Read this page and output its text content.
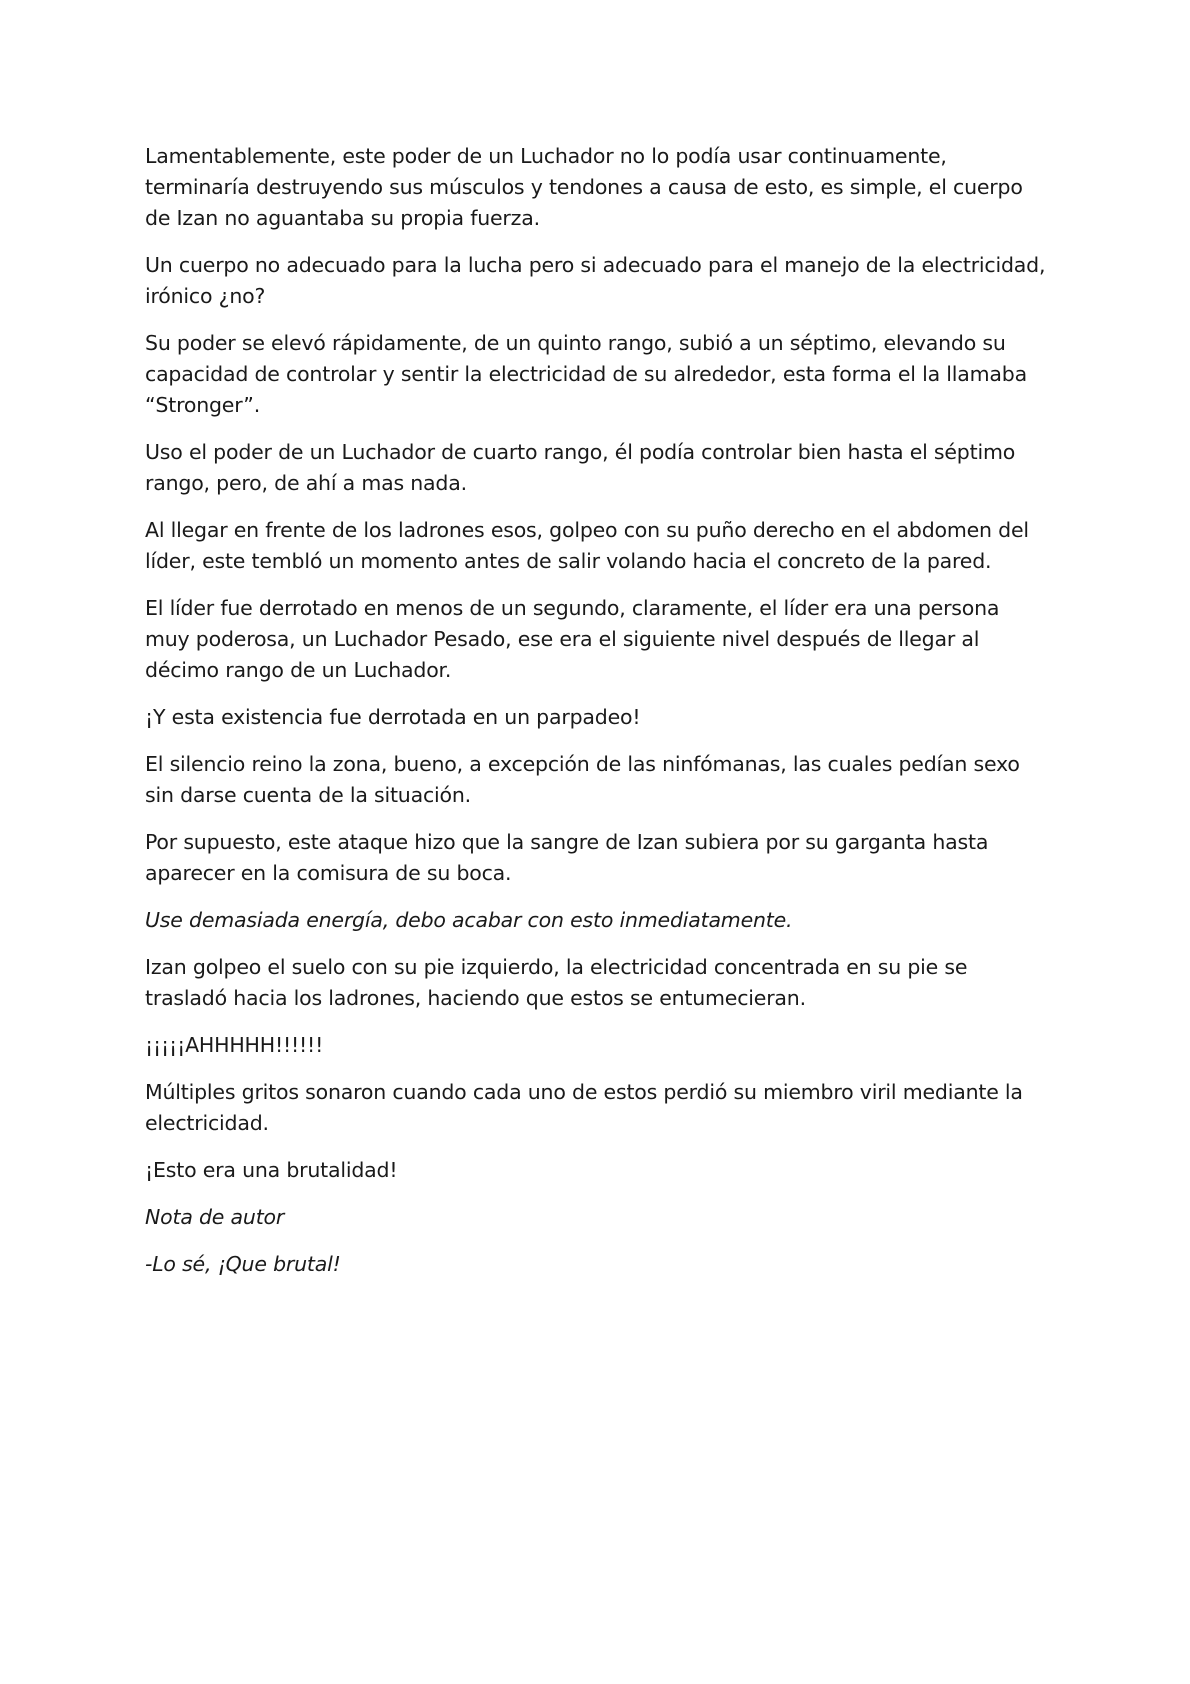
Lamentablemente, este poder de un Luchador no lo podía usar continuamente, terminaría destruyendo sus músculos y tendones a causa de esto, es simple, el cuerpo de Izan no aguantaba su propia fuerza.

Un cuerpo no adecuado para la lucha pero si adecuado para el manejo de la electricidad, irónico ¿no?

Su poder se elevó rápidamente, de un quinto rango, subió a un séptimo, elevando su capacidad de controlar y sentir la electricidad de su alrededor, esta forma el la llamaba “Stronger”.

Uso el poder de un Luchador de cuarto rango, él podía controlar bien hasta el séptimo rango, pero, de ahí a mas nada.

Al llegar en frente de los ladrones esos, golpeo con su puño derecho en el abdomen del líder, este tembló un momento antes de salir volando hacia el concreto de la pared.

El líder fue derrotado en menos de un segundo, claramente, el líder era una persona muy poderosa, un Luchador Pesado, ese era el siguiente nivel después de llegar al décimo rango de un Luchador.

¡Y esta existencia fue derrotada en un parpadeo!

El silencio reino la zona, bueno, a excepción de las ninfómanas, las cuales pedían sexo sin darse cuenta de la situación.

Por supuesto, este ataque hizo que la sangre de Izan subiera por su garganta hasta aparecer en la comisura de su boca.

Use demasiada energía, debo acabar con esto inmediatamente.

Izan golpeo el suelo con su pie izquierdo, la electricidad concentrada en su pie se trasladó hacia los ladrones, haciendo que estos se entumecieran.

¡¡¡¡¡AHHHHH!!!!!!

Múltiples gritos sonaron cuando cada uno de estos perdió su miembro viril mediante la electricidad.

¡Esto era una brutalidad!

Nota de autor

-Lo sé, ¡Que brutal!
